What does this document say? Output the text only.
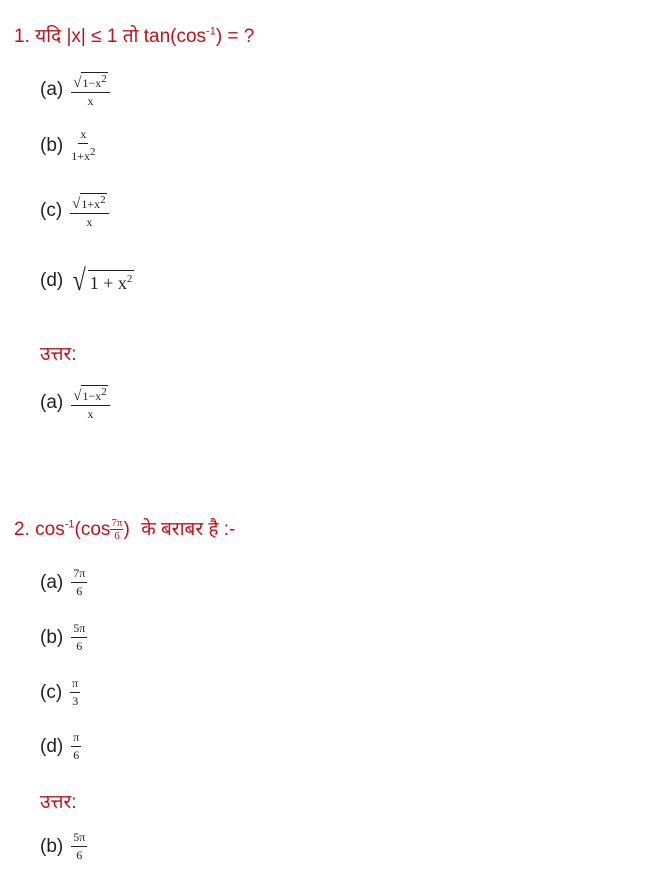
1. यदि |x| ≤ 1 तो $\tan(\cos^{-1})$ = ?
$(a) \frac{√ 1-x^2}{x}$
$(b) \frac{x}{1+x^2}$
$(c) \frac{√ 1+x^2}{x}$
(d) √ $1 + x^2$
उत्तर:
$(a) \frac{√ 1-x^2}{x}$
2. $\cos^{-1}(\cos \frac{7\pi}{6}$ ) के बराबर है :-
$(a) \frac{7\pi}{6}$
$(b) \frac{5\pi}{6}$
$(c) \frac{\pi}{3}$
$(d) \frac{\pi}{6}$
उत्तर:
$(b) \frac{5\pi}{6}$
